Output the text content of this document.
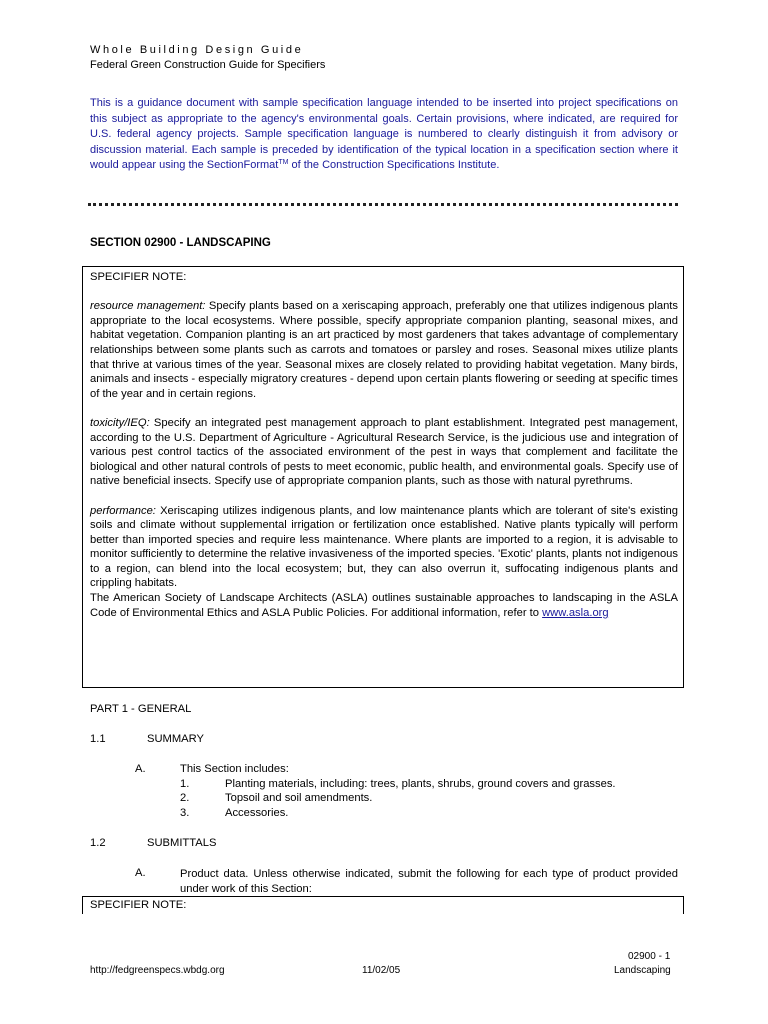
Whole Building Design Guide
Federal Green Construction Guide for Specifiers
This is a guidance document with sample specification language intended to be inserted into project specifications on this subject as appropriate to the agency's environmental goals. Certain provisions, where indicated, are required for U.S. federal agency projects. Sample specification language is numbered to clearly distinguish it from advisory or discussion material. Each sample is preceded by identification of the typical location in a specification section where it would appear using the SectionFormat™ of the Construction Specifications Institute.
SECTION 02900 - LANDSCAPING

SPECIFIER NOTE:

resource management: Specify plants based on a xeriscaping approach, preferably one that utilizes indigenous plants appropriate to the local ecosystems. Where possible, specify appropriate companion planting, seasonal mixes, and habitat vegetation. Companion planting is an art practiced by most gardeners that takes advantage of complementary relationships between some plants such as carrots and tomatoes or parsley and roses. Seasonal mixes utilize plants that thrive at various times of the year. Seasonal mixes are closely related to providing habitat vegetation. Many birds, animals and insects - especially migratory creatures - depend upon certain plants flowering or seeding at specific times of the year and in certain regions.

toxicity/IEQ: Specify an integrated pest management approach to plant establishment. Integrated pest management, according to the U.S. Department of Agriculture - Agricultural Research Service, is the judicious use and integration of various pest control tactics of the associated environment of the pest in ways that complement and facilitate the biological and other natural controls of pests to meet economic, public health, and environmental goals. Specify use of native beneficial insects. Specify use of appropriate companion plants, such as those with natural pyrethrums.

performance: Xeriscaping utilizes indigenous plants, and low maintenance plants which are tolerant of site's existing soils and climate without supplemental irrigation or fertilization once established. Native plants typically will perform better than imported species and require less maintenance. Where plants are imported to a region, it is advisable to monitor sufficiently to determine the relative invasiveness of the imported species. 'Exotic' plants, plants not indigenous to a region, can blend into the local ecosystem; but, they can also overrun it, suffocating indigenous plants and crippling habitats.

The American Society of Landscape Architects (ASLA) outlines sustainable approaches to landscaping in the ASLA Code of Environmental Ethics and ASLA Public Policies. For additional information, refer to www.asla.org

PART 1 - GENERAL
1.1	SUMMARY
A.	This Section includes:
1.	Planting materials, including: trees, plants, shrubs, ground covers and grasses.
2.	Topsoil and soil amendments.
3.	Accessories.
1.2	SUBMITTALS
A.	Product data. Unless otherwise indicated, submit the following for each type of product provided under work of this Section:
SPECIFIER NOTE:
02900 - 1
http://fedgreenspecs.wbdg.org	11/02/05	Landscaping
